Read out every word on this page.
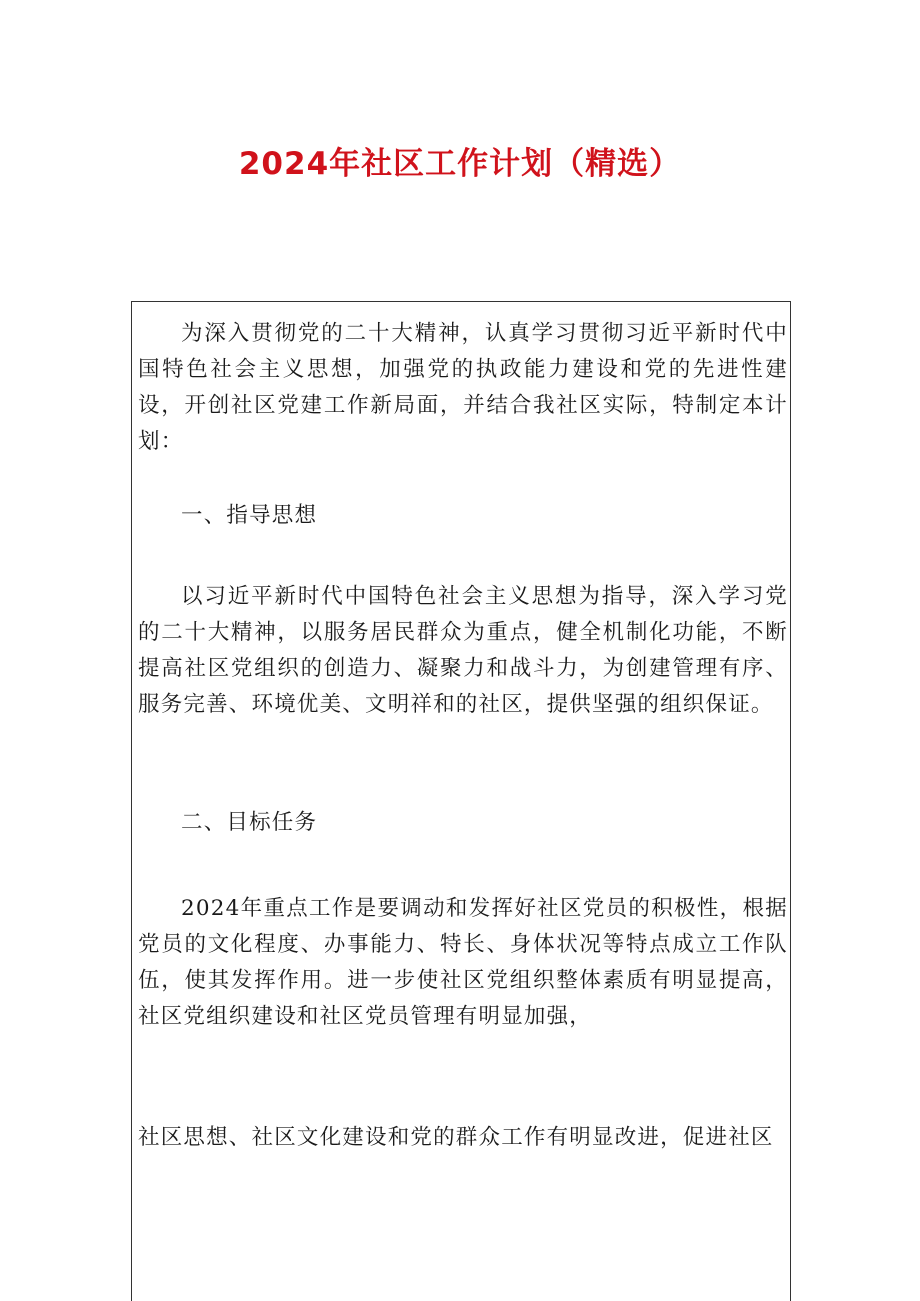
2024年社区工作计划（精选）

为深入贯彻党的二十大精神，认真学习贯彻习近平新时代中国特色社会主义思想，加强党的执政能力建设和党的先进性建设，开创社区党建工作新局面，并结合我社区实际，特制定本计划：

一、指导思想

以习近平新时代中国特色社会主义思想为指导，深入学习党的二十大精神，以服务居民群众为重点，健全机制化功能，不断提高社区党组织的创造力、凝聚力和战斗力，为创建管理有序、服务完善、环境优美、文明祥和的社区，提供坚强的组织保证。

二、目标任务

2024年重点工作是要调动和发挥好社区党员的积极性，根据党员的文化程度、办事能力、特长、身体状况等特点成立工作队伍，使其发挥作用。进一步使社区党组织整体素质有明显提高，社区党组织建设和社区党员管理有明显加强，

社区思想、社区文化建设和党的群众工作有明显改进，促进社区
